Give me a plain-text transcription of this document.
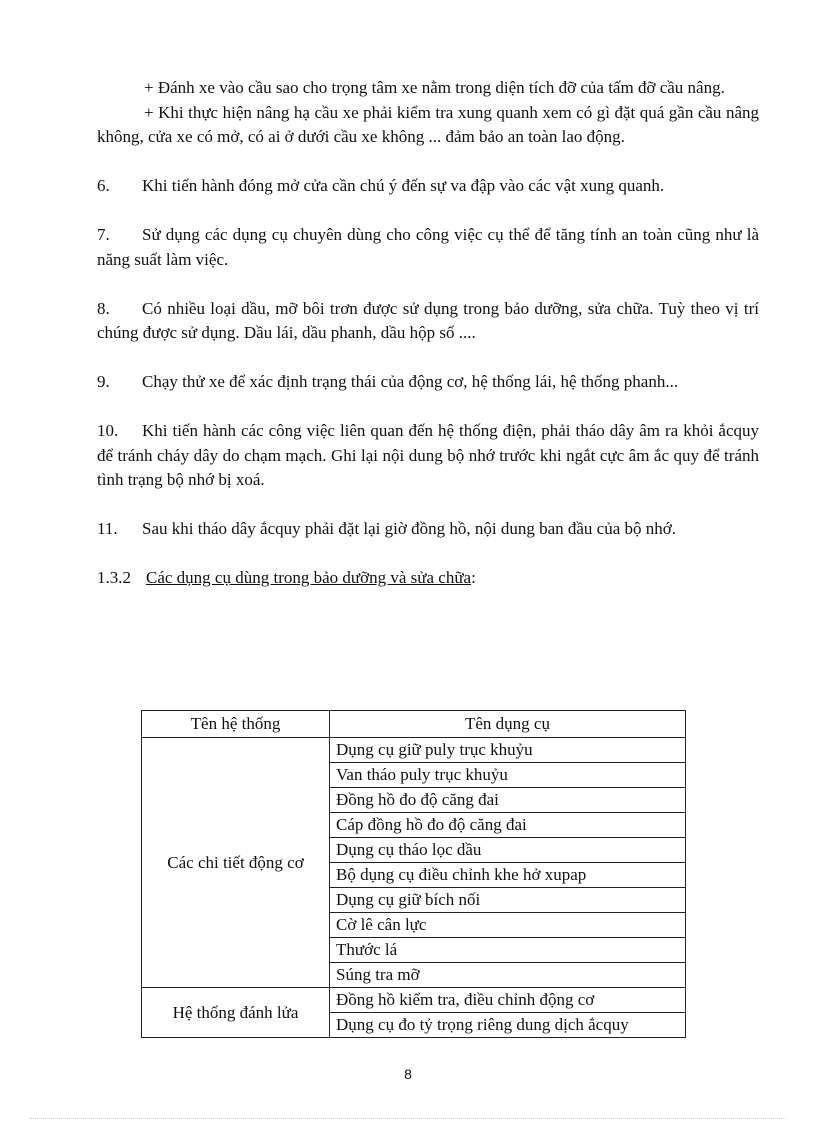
+ Đánh xe vào cầu sao cho trọng tâm xe nằm trong diện tích đỡ của tấm đỡ cầu nâng.

+ Khi thực hiện nâng hạ cầu xe phải kiểm tra xung quanh xem có gì đặt quá gần cầu nâng không, cửa xe có mở, có ai ở dưới cầu xe không ... đảm bảo an toàn lao động.

6. Khi tiến hành đóng mở cửa cần chú ý đến sự va đập vào các vật xung quanh.

7. Sử dụng các dụng cụ chuyên dùng cho công việc cụ thể để tăng tính an toàn cũng như là năng suất làm việc.

8. Có nhiều loại dầu, mỡ bôi trơn được sử dụng trong bảo dưỡng, sửa chữa. Tuỳ theo vị trí chúng được sử dụng. Dầu lái, dầu phanh, dầu hộp số ....

9. Chạy thử xe để xác định trạng thái của động cơ, hệ thống lái, hệ thống phanh...

10. Khi tiến hành các công việc liên quan đến hệ thống điện, phải tháo dây âm ra khỏi ắcquy để tránh cháy dây do chạm mạch. Ghi lại nội dung bộ nhớ trước khi ngắt cực âm ắc quy để tránh tình trạng bộ nhớ bị xoá.

11. Sau khi tháo dây ắcquy phải đặt lại giờ đồng hồ, nội dung ban đầu của bộ nhớ.

1.3.2 Các dụng cụ dùng trong bảo dưỡng và sửa chữa:

Tên hệ thống	Tên dụng cụ
Các chi tiết động cơ	Dụng cụ giữ puly trục khuỷu
	Van tháo puly trục khuỷu
	Đồng hồ đo độ căng đai
	Cáp đồng hồ đo độ căng đai
	Dụng cụ tháo lọc dầu
	Bộ dụng cụ điều chỉnh khe hở xupap
	Dụng cụ giữ bích nối
	Cờ lê cân lực
	Thước lá
	Súng tra mỡ
Hệ thống đánh lửa	Đồng hồ kiểm tra, điều chỉnh động cơ
	Dụng cụ đo tỷ trọng riêng dung dịch ắcquy
8
